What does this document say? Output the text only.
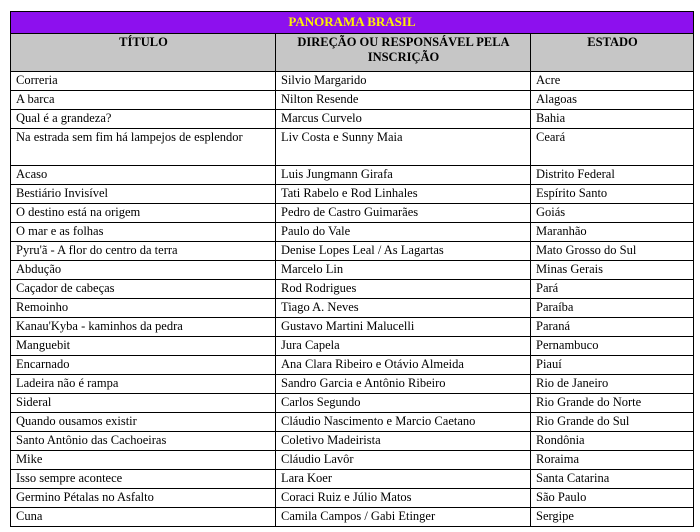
PANORAMA BRASIL		
TÍTULO	DIREÇÃO OU RESPONSÁVEL PELA INSCRIÇÃO	ESTADO
Correria	Silvio Margarido	Acre
A barca	Nilton Resende	Alagoas
Qual é a grandeza?	Marcus Curvelo	Bahia
Na estrada sem fim há lampejos de esplendor	Liv Costa e Sunny Maia	Ceará
Acaso	Luis Jungmann Girafa	Distrito Federal
Bestiário Invisível	Tati Rabelo e Rod Linhales	Espírito Santo
O destino está na origem	Pedro de Castro Guimarães	Goiás
O mar e as folhas	Paulo do Vale	Maranhão
Pyru'ã - A flor do centro da terra	Denise Lopes Leal / As Lagartas	Mato Grosso do Sul
Abdução	Marcelo Lin	Minas Gerais
Caçador de cabeças	Rod Rodrigues	Pará
Remoinho	Tiago A. Neves	Paraíba
Kanau'Kyba - kaminhos da pedra	Gustavo Martini Malucelli	Paraná
Manguebit	Jura Capela	Pernambuco
Encarnado	Ana Clara Ribeiro e Otávio Almeida	Piauí
Ladeira não é rampa	Sandro Garcia e Antônio Ribeiro	Rio de Janeiro
Sideral	Carlos Segundo	Rio Grande do Norte
Quando ousamos existir	Cláudio Nascimento e Marcio Caetano	Rio Grande do Sul
Santo Antônio das Cachoeiras	Coletivo Madeirista	Rondônia
Mike	Cláudio Lavôr	Roraima
Isso sempre acontece	Lara Koer	Santa Catarina
Germino Pétalas no Asfalto	Coraci Ruiz e Júlio Matos	São Paulo
Cuna	Camila Campos / Gabi Etinger	Sergipe
